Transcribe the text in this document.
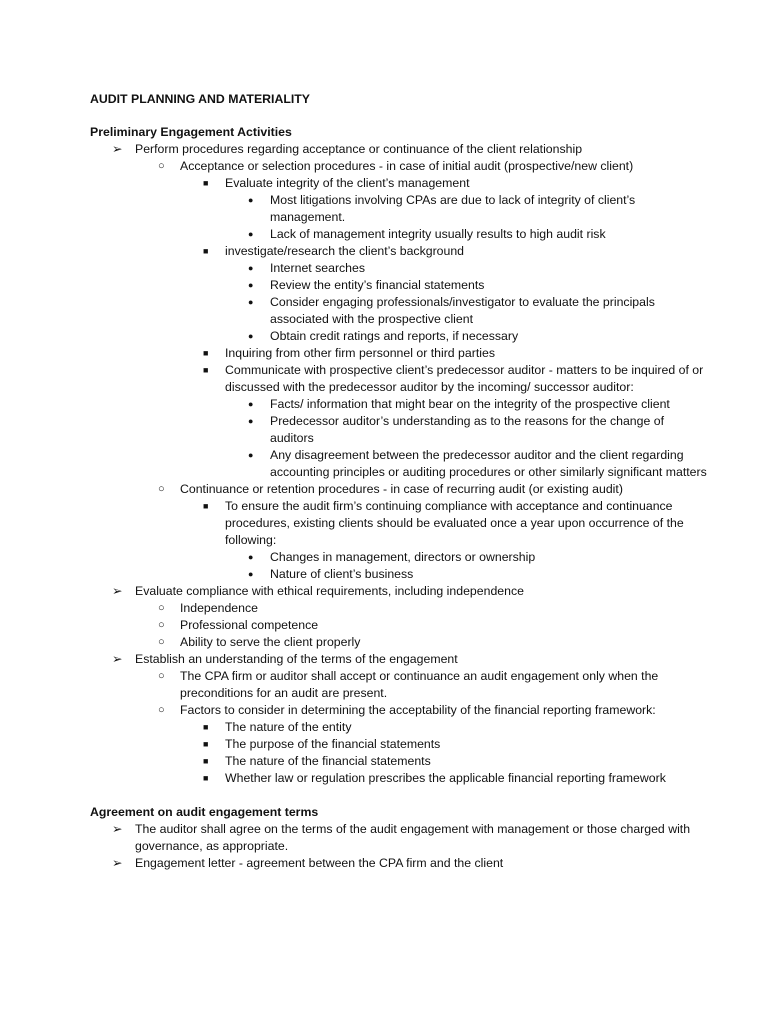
AUDIT PLANNING AND MATERIALITY
Preliminary Engagement Activities
➢ Perform procedures regarding acceptance or continuance of the client relationship
○ Acceptance or selection procedures - in case of initial audit (prospective/new client)
■ Evaluate integrity of the client’s management
● Most litigations involving CPAs are due to lack of integrity of client’s management.
● Lack of management integrity usually results to high audit risk
■ investigate/research the client’s background
● Internet searches
● Review the entity’s financial statements
● Consider engaging professionals/investigator to evaluate the principals associated with the prospective client
● Obtain credit ratings and reports, if necessary
■ Inquiring from other firm personnel or third parties
■ Communicate with prospective client’s predecessor auditor - matters to be inquired of or discussed with the predecessor auditor by the incoming/ successor auditor:
● Facts/ information that might bear on the integrity of the prospective client
● Predecessor auditor’s understanding as to the reasons for the change of auditors
● Any disagreement between the predecessor auditor and the client regarding accounting principles or auditing procedures or other similarly significant matters
○ Continuance or retention procedures - in case of recurring audit (or existing audit)
■ To ensure the audit firm’s continuing compliance with acceptance and continuance procedures, existing clients should be evaluated once a year upon occurrence of the following:
● Changes in management, directors or ownership
● Nature of client’s business
➢ Evaluate compliance with ethical requirements, including independence
○ Independence
○ Professional competence
○ Ability to serve the client properly
➢ Establish an understanding of the terms of the engagement
○ The CPA firm or auditor shall accept or continuance an audit engagement only when the preconditions for an audit are present.
○ Factors to consider in determining the acceptability of the financial reporting framework:
■ The nature of the entity
■ The purpose of the financial statements
■ The nature of the financial statements
■ Whether law or regulation prescribes the applicable financial reporting framework
Agreement on audit engagement terms
➢ The auditor shall agree on the terms of the audit engagement with management or those charged with governance, as appropriate.
➢ Engagement letter - agreement between the CPA firm and the client
